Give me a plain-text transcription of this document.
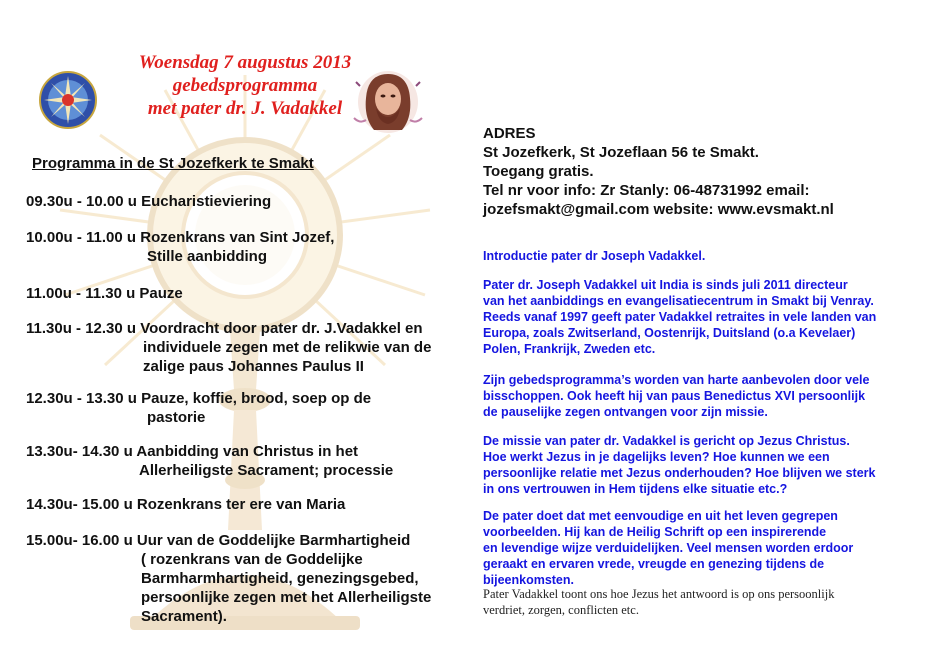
Woensdag 7 augustus 2013
gebedsprogramma
met pater dr. J. Vadakkel
Programma in de St Jozefkerk te Smakt
09.30u - 10.00 u Eucharistieviering
10.00u - 11.00 u Rozenkrans van Sint Jozef,
Stille aanbidding
11.00u - 11.30 u Pauze
11.30u - 12.30 u Voordracht door pater dr. J.Vadakkel en
individuele zegen met de relikwie van de
zalige paus Johannes Paulus II
12.30u - 13.30 u Pauze, koffie, brood, soep op de
pastorie
13.30u- 14.30 u Aanbidding van Christus in het
Allerheiligste Sacrament; processie
14.30u- 15.00 u Rozenkrans ter ere van Maria
15.00u- 16.00 u Uur van de Goddelijke Barmhartigheid
( rozenkrans van de Goddelijke
Barmharmhartigheid, genezingsgebed,
persoonlijke zegen met het Allerheiligste
Sacrament).
ADRES
St Jozefkerk, St Jozeflaan 56 te Smakt.
Toegang gratis.
Tel nr voor info: Zr Stanly: 06-48731992 email:
jozefsmakt@gmail.com website: www.evsmakt.nl
Introductie pater dr Joseph Vadakkel.
Pater dr. Joseph Vadakkel uit India is sinds juli 2011 directeur
van het aanbiddings en evangelisatiecentrum in Smakt bij Venray.
Reeds vanaf 1997 geeft pater Vadakkel retraites in vele landen van
Europa, zoals Zwitserland, Oostenrijk, Duitsland (o.a Kevelaer)
Polen, Frankrijk, Zweden etc.
Zijn gebedsprogramma’s worden van harte aanbevolen door vele
bisschoppen. Ook heeft hij van paus Benedictus XVI persoonlijk
de pauselijke zegen ontvangen voor zijn missie.
De missie van pater dr. Vadakkel is gericht op Jezus Christus.
Hoe werkt Jezus in je dagelijks leven? Hoe kunnen we een
persoonlijke relatie met Jezus onderhouden? Hoe blijven we sterk
in ons vertrouwen in Hem tijdens elke situatie etc.?
De pater doet dat met eenvoudige en uit het leven gegrepen
voorbeelden. Hij kan de Heilig Schrift op een inspirerende
en levendige wijze verduidelijken. Veel mensen worden erdoor
geraakt en ervaren vrede, vreugde en genezing tijdens de
bijeenkomsten.
Pater Vadakkel toont ons hoe Jezus het antwoord is op ons persoonlijk
verdriet, zorgen, conflicten etc.
